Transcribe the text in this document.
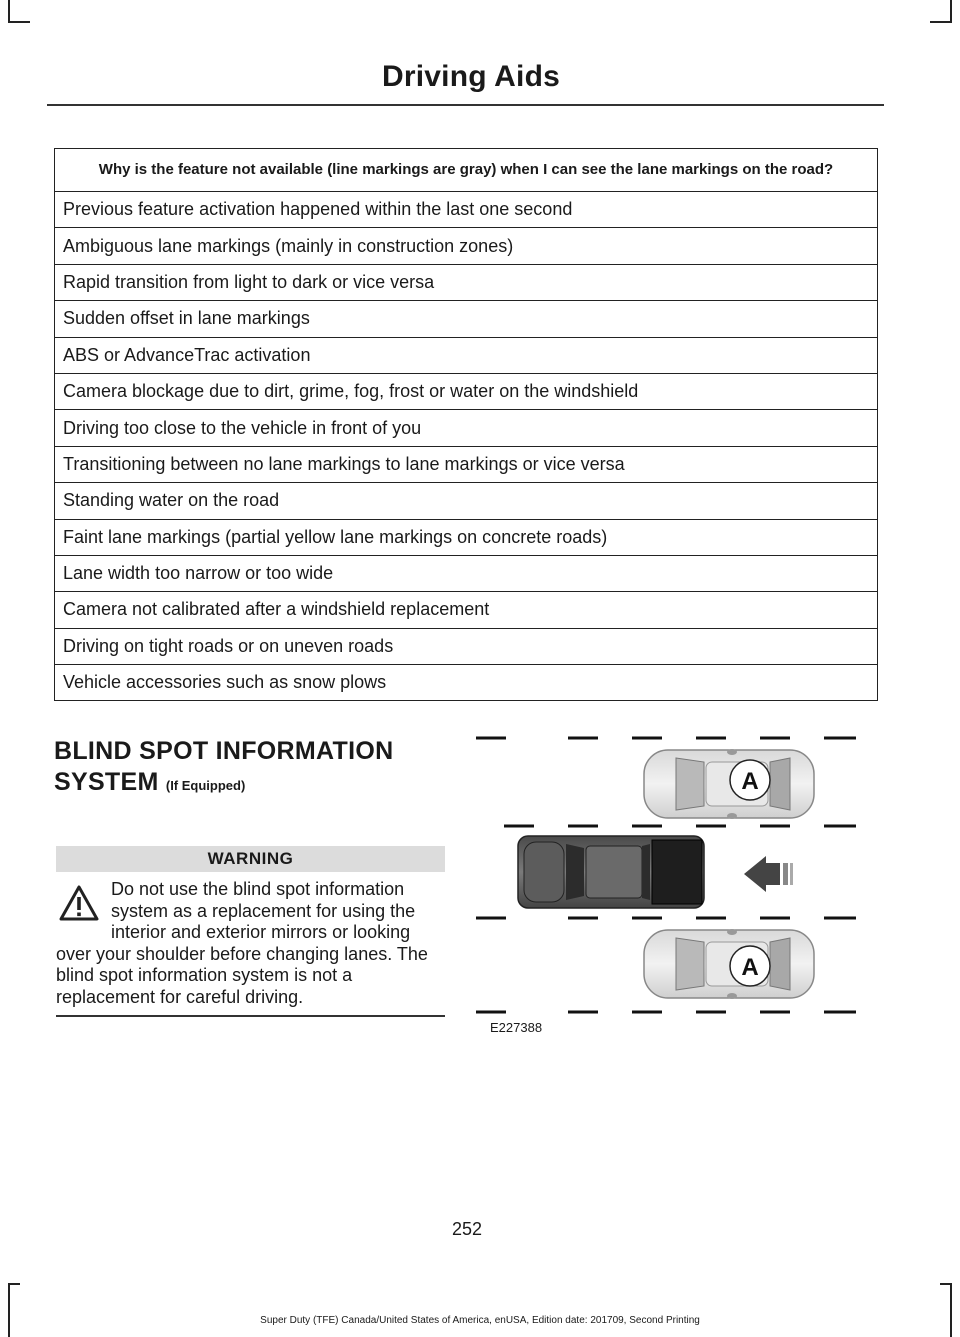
Driving Aids
Why is the feature not available (line markings are gray) when I can see the lane markings on the road?
Previous feature activation happened within the last one second
Ambiguous lane markings (mainly in construction zones)
Rapid transition from light to dark or vice versa
Sudden offset in lane markings
ABS or AdvanceTrac activation
Camera blockage due to dirt, grime, fog, frost or water on the windshield
Driving too close to the vehicle in front of you
Transitioning between no lane markings to lane markings or vice versa
Standing water on the road
Faint lane markings (partial yellow lane markings on concrete roads)
Lane width too narrow or too wide
Camera not calibrated after a windshield replacement
Driving on tight roads or on uneven roads
Vehicle accessories such as snow plows
BLIND SPOT INFORMATION
SYSTEM (If Equipped)
WARNING
Do not use the blind spot information system as a replacement for using the interior and exterior mirrors or looking over your shoulder before changing lanes. The blind spot information system is not a replacement for careful driving.
A
A
E227388
252
Super Duty (TFE) Canada/United States of America, enUSA, Edition date: 201709, Second Printing
